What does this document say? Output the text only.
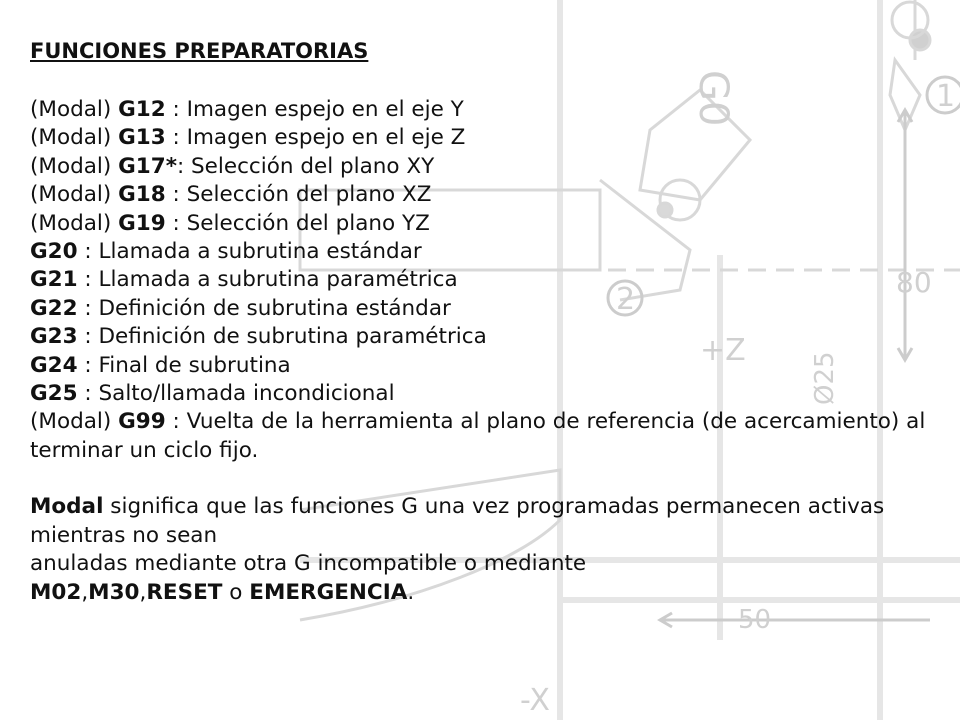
1
2	80
+Z
Ø25
50
-X
G0
FUNCIONES PREPARATORIAS
(Modal) G12 : Imagen espejo en el eje Y
(Modal) G13 : Imagen espejo en el eje Z
(Modal) G17*: Selección del plano XY
(Modal) G18 : Selección del plano XZ
(Modal) G19 : Selección del plano YZ
G20 : Llamada a subrutina estándar
G21 : Llamada a subrutina paramétrica
G22 : Definición de subrutina estándar
G23 : Definición de subrutina paramétrica
G24 : Final de subrutina
G25 : Salto/llamada incondicional
(Modal) G99 : Vuelta de la herramienta al plano de referencia (de acercamiento) al
terminar un ciclo fijo.
Modal significa que las funciones G una vez programadas permanecen activas mientras no sean
anuladas mediante otra G incompatible o mediante
M02,M30,RESET o EMERGENCIA.
